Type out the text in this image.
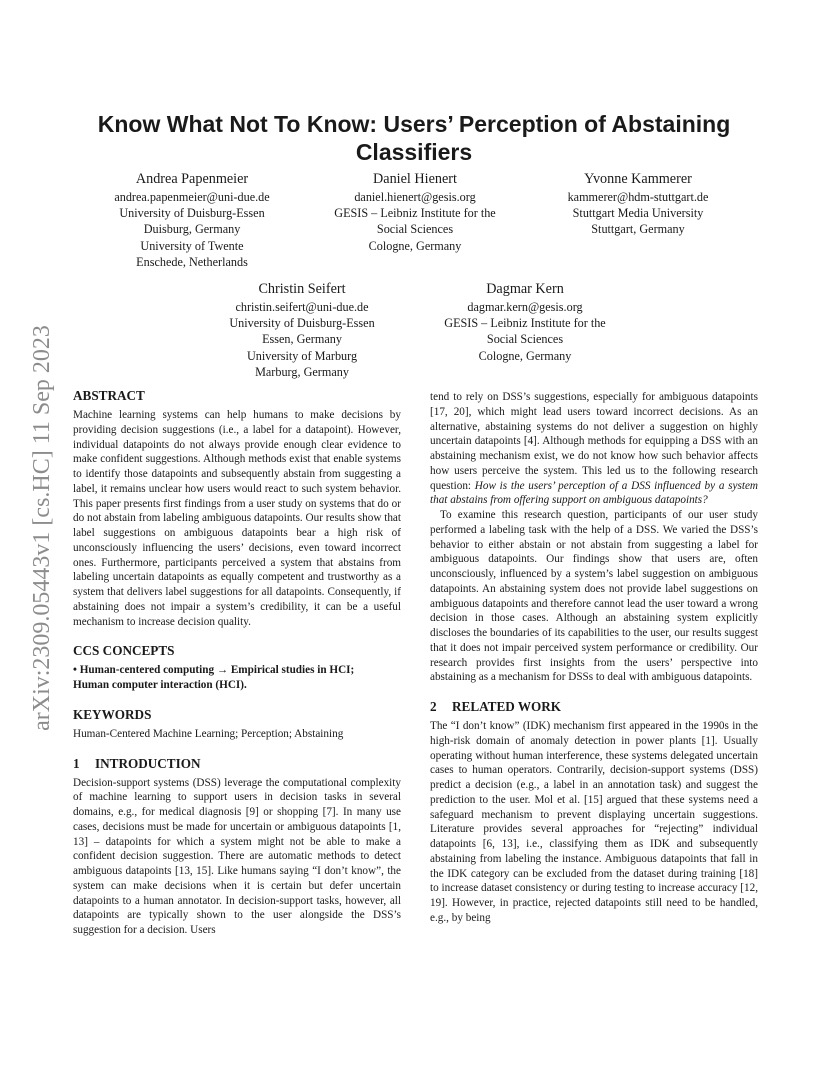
Know What Not To Know: Users’ Perception of Abstaining Classifiers
Andrea Papenmeier
andrea.papenmeier@uni-due.de
University of Duisburg-Essen
Duisburg, Germany
University of Twente
Enschede, Netherlands
Daniel Hienert
daniel.hienert@gesis.org
GESIS – Leibniz Institute for the
Social Sciences
Cologne, Germany
Yvonne Kammerer
kammerer@hdm-stuttgart.de
Stuttgart Media University
Stuttgart, Germany
Christin Seifert
christin.seifert@uni-due.de
University of Duisburg-Essen
Essen, Germany
University of Marburg
Marburg, Germany
Dagmar Kern
dagmar.kern@gesis.org
GESIS – Leibniz Institute for the
Social Sciences
Cologne, Germany
arXiv:2309.05443v1 [cs.HC] 11 Sep 2023 ABSTRACT

Machine learning systems can help humans to make decisions by providing decision suggestions (i.e., a label for a datapoint). However, individual datapoints do not always provide enough clear evidence to make confident suggestions. Although methods exist that enable systems to identify those datapoints and subsequently abstain from suggesting a label, it remains unclear how users would react to such system behavior. This paper presents first findings from a user study on systems that do or do not abstain from labeling ambiguous datapoints. Our results show that label suggestions on ambiguous datapoints bear a high risk of unconsciously influencing the users’ decisions, even toward incorrect ones. Furthermore, participants perceived a system that abstains from labeling uncertain datapoints as equally competent and trustworthy as a system that delivers label suggestions for all datapoints. Consequently, if abstaining does not impair a system’s credibility, it can be a useful mechanism to increase decision quality.

CCS CONCEPTS

• Human-centered computing → Empirical studies in HCI;

Human computer interaction (HCI).

KEYWORDS

Human-Centered Machine Learning; Perception; Abstaining

1 INTRODUCTION

Decision-support systems (DSS) leverage the computational complexity of machine learning to support users in decision tasks in several domains, e.g., for medical diagnosis [9] or shopping [7]. In many use cases, decisions must be made for uncertain or ambiguous datapoints [1, 13] – datapoints for which a system might not be able to make a confident decision suggestion. There are automatic methods to detect ambiguous datapoints [13, 15]. Like humans saying “I don’t know”, the system can make decisions when it is certain but defer uncertain datapoints to a human annotator. In decision-support tasks, however, all datapoints are typically shown to the user alongside the DSS’s suggestion for a decision. Users

tend to rely on DSS’s suggestions, especially for ambiguous datapoints [17, 20], which might lead users toward incorrect decisions. As an alternative, abstaining systems do not deliver a suggestion on highly uncertain datapoints [4]. Although methods for equipping a DSS with an abstaining mechanism exist, we do not know how such behavior affects how users perceive the system. This led us to the following research question: How is the users’ perception of a DSS influenced by a system that abstains from offering support on ambiguous datapoints?

To examine this research question, participants of our user study performed a labeling task with the help of a DSS. We varied the DSS’s behavior to either abstain or not abstain from suggesting a label for ambiguous datapoints. Our findings show that users are, often unconsciously, influenced by a system’s label suggestion on ambiguous datapoints. An abstaining system does not provide label suggestions on ambiguous datapoints and therefore cannot lead the user toward a wrong decision in those cases. Although an abstaining system explicitly discloses the boundaries of its capabilities to the user, our results suggest that it does not impair perceived system performance or credibility. Our research provides first insights from the users’ perspective into abstaining as a mechanism for DSSs to deal with ambiguous datapoints.

2 RELATED WORK

The “I don’t know” (IDK) mechanism first appeared in the 1990s in the high-risk domain of anomaly detection in power plants [1]. Usually operating without human interference, these systems delegated uncertain cases to human operators. Contrarily, decision-support systems (DSS) predict a decision (e.g., a label in an annotation task) and suggest the prediction to the user. Mol et al. [15] argued that these systems need a safeguard mechanism to prevent displaying uncertain suggestions. Literature provides several approaches for “rejecting” individual datapoints [6, 13], i.e., classifying them as IDK and subsequently abstaining from labeling the instance. Ambiguous datapoints that fall in the IDK category can be excluded from the dataset during training [18] to increase dataset consistency or during testing to increase accuracy [12, 19]. However, in practice, rejected datapoints still need to be handled, e.g., by being
